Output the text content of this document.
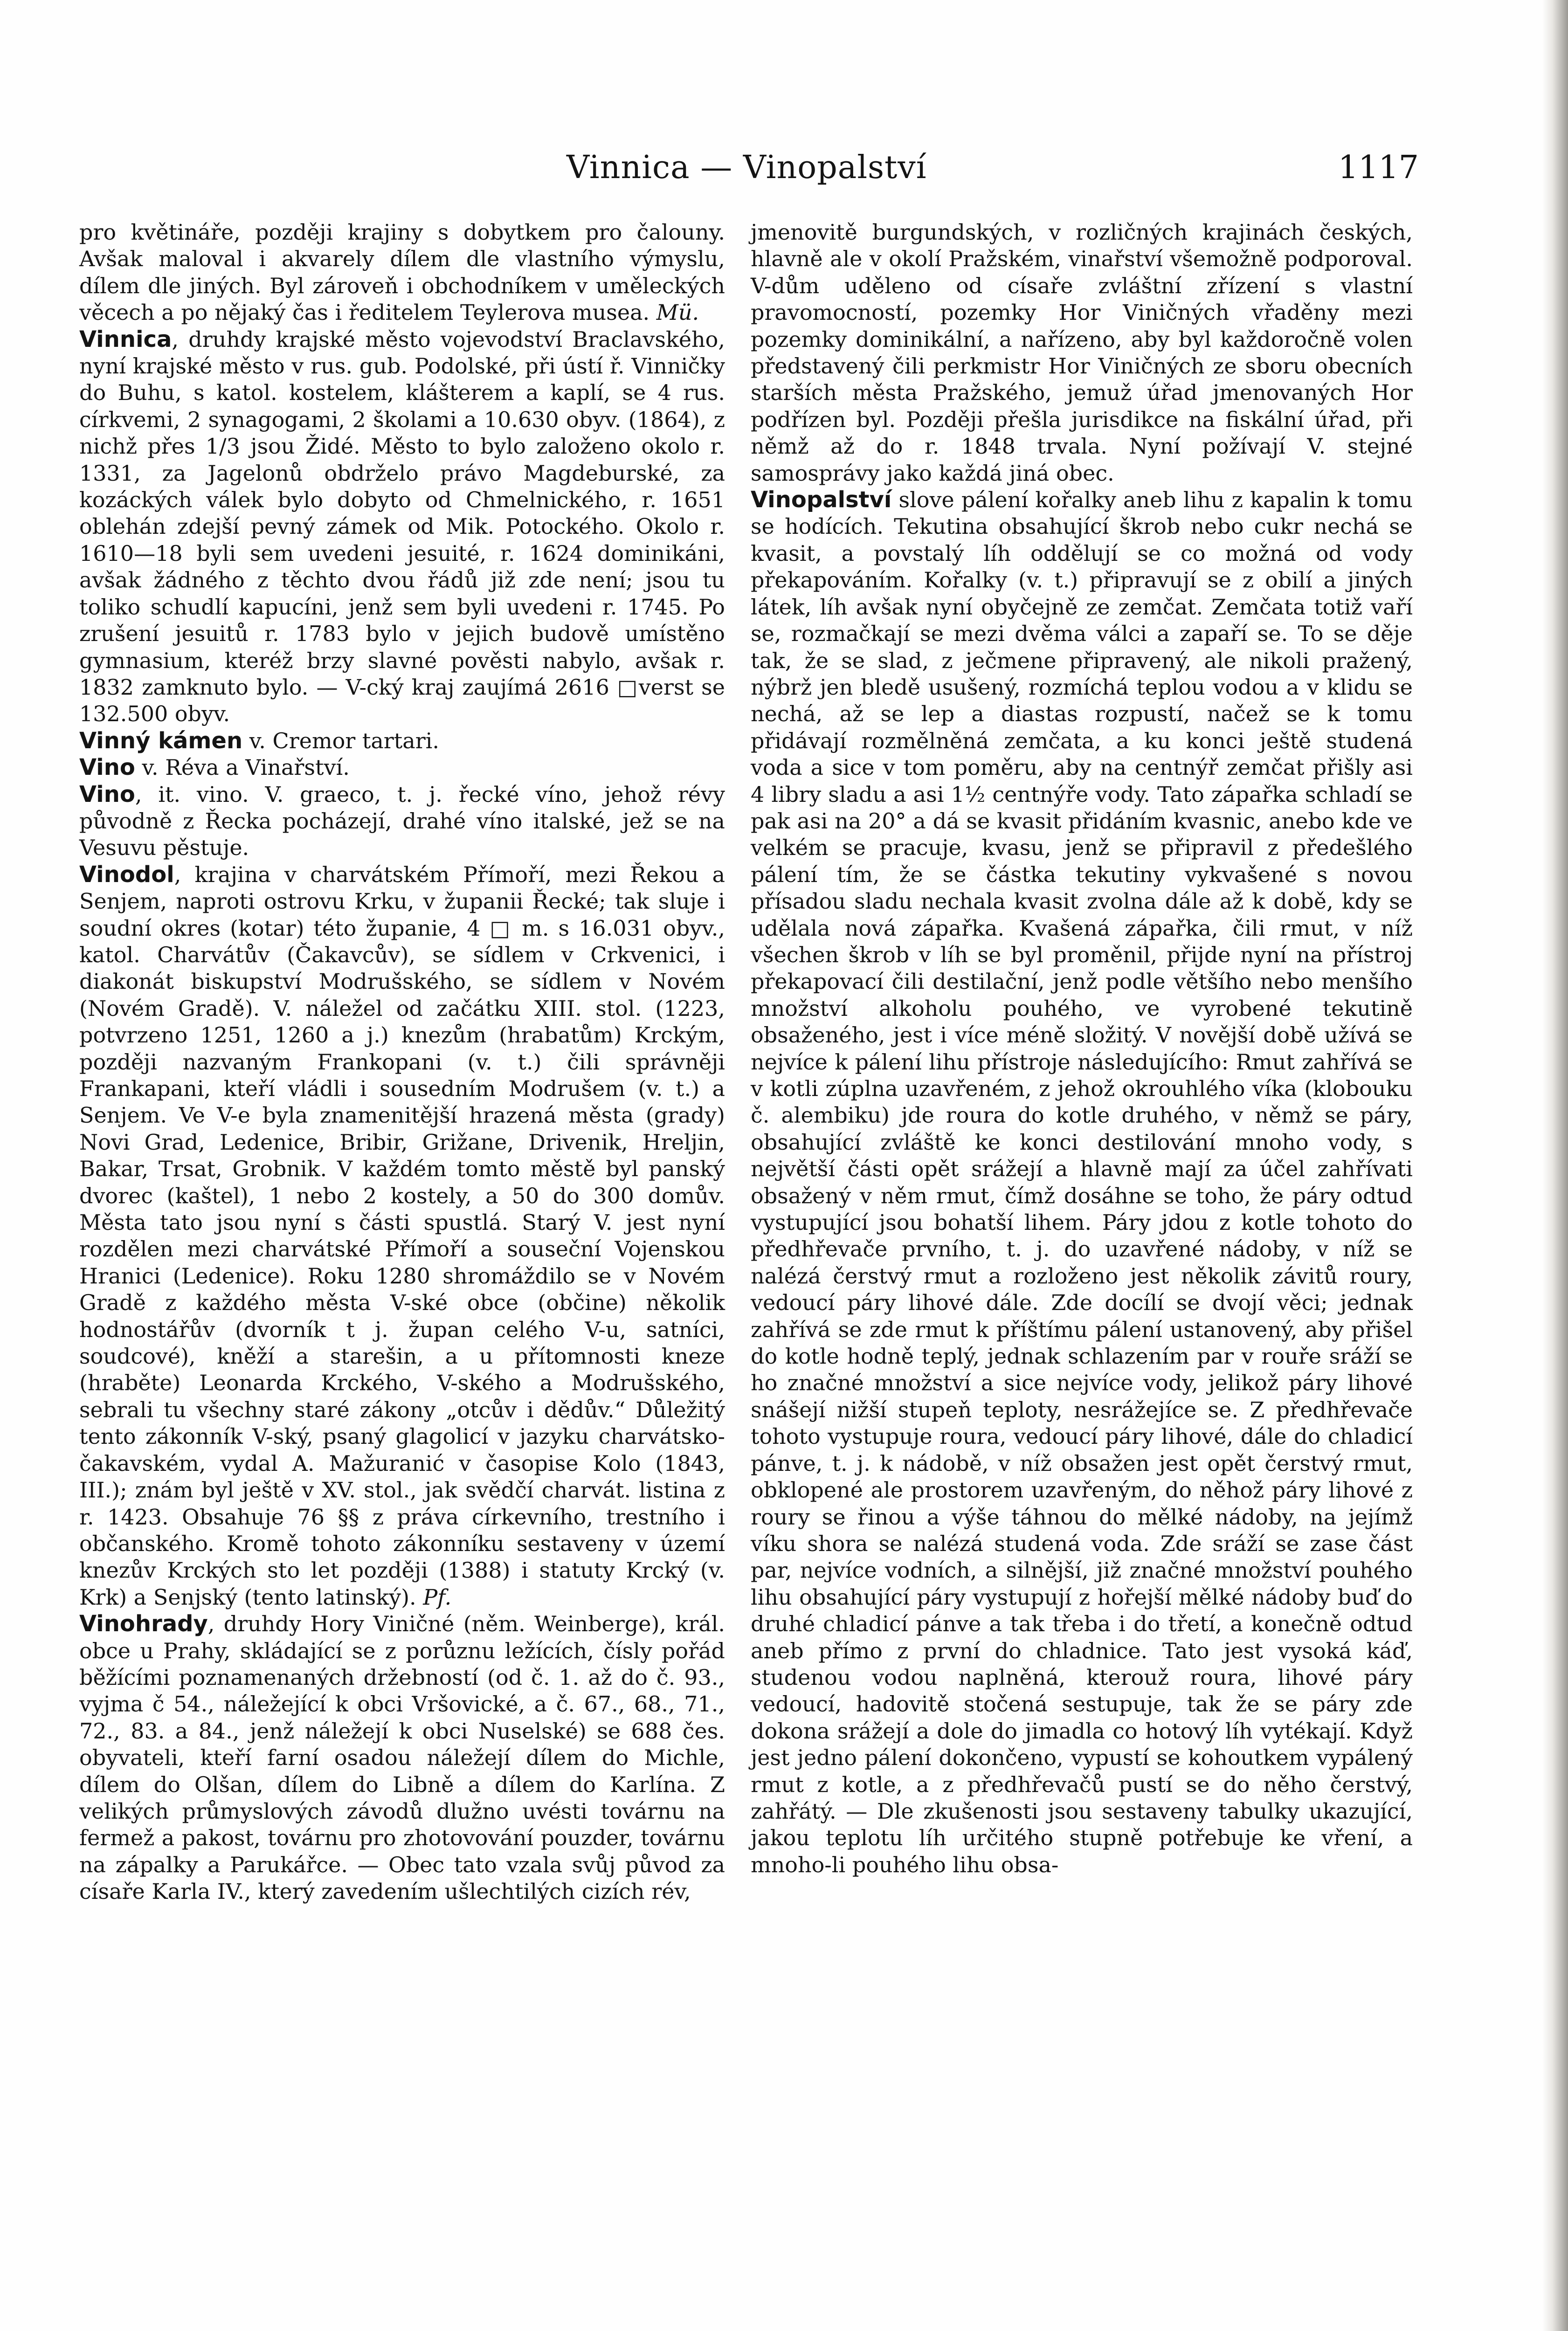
Vinnica — Vinopalství	1117

pro květináře, později krajiny s dobytkem pro čalouny. Avšak maloval i akvarely dílem dle vlastního výmyslu, dílem dle jiných. Byl zároveň i obchodníkem v uměleckých věcech a po nějaký čas i ředitelem Teylerova musea. Mü.

Vinnica, druhdy krajské město vojevodství Braclavského, nyní krajské město v rus. gub. Podolské, při ústí ř. Vinničky do Buhu, s katol. kostelem, klášterem a kaplí, se 4 rus. církvemi, 2 synagogami, 2 školami a 10.630 obyv. (1864), z nichž přes 1/3 jsou Židé. Město to bylo založeno okolo r. 1331, za Jagelonů obdrželo právo Magdeburské, za kozáckých válek bylo dobyto od Chmelnického, r. 1651 oblehán zdejší pevný zámek od Mik. Potockého. Okolo r. 1610—18 byli sem uvedeni jesuité, r. 1624 dominikáni, avšak žádného z těchto dvou řádů již zde není; jsou tu toliko schudlí kapucíni, jenž sem byli uvedeni r. 1745. Po zrušení jesuitů r. 1783 bylo v jejich budově umístěno gymnasium, kteréž brzy slavné pověsti nabylo, avšak r. 1832 zamknuto bylo. — V-cký kraj zaujímá 2616 □verst se 132.500 obyv.

Vinný kámen v. Cremor tartari.

Vino v. Réva a Vinařství.

Vino, it. vino. V. graeco, t. j. řecké víno, jehož révy původně z Řecka pocházejí, drahé víno italské, jež se na Vesuvu pěstuje.

Vinodol, krajina v charvátském Přímoří, mezi Řekou a Senjem, naproti ostrovu Krku, v županii Řecké; tak sluje i soudní okres (kotar) této županie, 4 □ m. s 16.031 obyv., katol. Charvátův (Čakavcův), se sídlem v Crkvenici, i diakonát biskupství Modrušského, se sídlem v Novém (Novém Gradě). V. náležel od začátku XIII. stol. (1223, potvrzeno 1251, 1260 a j.) knezům (hrabatům) Krckým, později nazvaným Frankopani (v. t.) čili správněji Frankapani, kteří vládli i sousedním Modrušem (v. t.) a Senjem. Ve V-e byla znamenitější hrazená města (grady) Novi Grad, Ledenice, Bribir, Grižane, Drivenik, Hreljin, Bakar, Trsat, Grobnik. V každém tomto městě byl panský dvorec (kaštel), 1 nebo 2 kostely, a 50 do 300 domův. Města tato jsou nyní s části spustlá. Starý V. jest nyní rozdělen mezi charvátské Přímoří a souseční Vojenskou Hranici (Ledenice). Roku 1280 shromáždilo se v Novém Gradě z každého města V-ské obce (občine) několik hodnostářův (dvorník t j. župan celého V-u, satníci, soudcové), kněží a starešin, a u přítomnosti kneze (hraběte) Leonarda Krckého, V-ského a Modrušského, sebrali tu všechny staré zákony „otcův i dědův.“ Důležitý tento zákonník V-ský, psaný glagolicí v jazyku charvátsko-čakavském, vydal A. Mažuranić v časopise Kolo (1843, III.); znám byl ještě v XV. stol., jak svědčí charvát. listina z r. 1423. Obsahuje 76 §§ z práva církevního, trestního i občanského. Kromě tohoto zákonníku sestaveny v území knezův Krckých sto let později (1388) i statuty Krcký (v. Krk) a Senjský (tento latinský). Pf.

Vinohrady, druhdy Hory Viničné (něm. Weinberge), král. obce u Prahy, skládající se z porůznu ležících, čísly pořád běžícími poznamenaných držebností (od č. 1. až do č. 93., vyjma č 54., náležející k obci Vršovické, a č. 67., 68., 71., 72., 83. a 84., jenž náležejí k obci Nuselské) se 688 čes. obyvateli, kteří farní osadou náležejí dílem do Michle, dílem do Olšan, dílem do Libně a dílem do Karlína. Z velikých průmyslových závodů dlužno uvésti továrnu na fermež a pakost, továrnu pro zhotovování pouzder, továrnu na zápalky a Parukářce. — Obec tato vzala svůj původ za císaře Karla IV., který zavedením ušlechtilých cizích rév,

jmenovitě burgundských, v rozličných krajinách českých, hlavně ale v okolí Pražském, vinařství všemožně podporoval. V-dům uděleno od císaře zvláštní zřízení s vlastní pravomocností, pozemky Hor Viničných vřaděny mezi pozemky dominikální, a nařízeno, aby byl každoročně volen představený čili perkmistr Hor Viničných ze sboru obecních starších města Pražského, jemuž úřad jmenovaných Hor podřízen byl. Později přešla jurisdikce na fiskální úřad, při němž až do r. 1848 trvala. Nyní požívají V. stejné samosprávy jako každá jiná obec.

Vinopalství slove pálení kořalky aneb lihu z kapalin k tomu se hodících. Tekutina obsahující škrob nebo cukr nechá se kvasit, a povstalý líh oddělují se co možná od vody překapováním. Kořalky (v. t.) připravují se z obilí a jiných látek, líh avšak nyní obyčejně ze zemčat. Zemčata totiž vaří se, rozmačkají se mezi dvěma válci a zapaří se. To se děje tak, že se slad, z ječmene připravený, ale nikoli pražený, nýbrž jen bledě usušený, rozmíchá teplou vodou a v klidu se nechá, až se lep a diastas rozpustí, načež se k tomu přidávají rozmělněná zemčata, a ku konci ještě studená voda a sice v tom poměru, aby na centnýř zemčat přišly asi 4 libry sladu a asi 1½ centnýře vody. Tato zápařka schladí se pak asi na 20° a dá se kvasit přidáním kvasnic, anebo kde ve velkém se pracuje, kvasu, jenž se připravil z předešlého pálení tím, že se částka tekutiny vykvašené s novou přísadou sladu nechala kvasit zvolna dále až k době, kdy se udělala nová zápařka. Kvašená zápařka, čili rmut, v níž všechen škrob v líh se byl proměnil, přijde nyní na přístroj překapovací čili destilační, jenž podle většího nebo menšího množství alkoholu pouhého, ve vyrobené tekutině obsaženého, jest i více méně složitý. V novější době užívá se nejvíce k pálení lihu přístroje následujícího: Rmut zahřívá se v kotli zúplna uzavřeném, z jehož okrouhlého víka (klobouku č. alembiku) jde roura do kotle druhého, v němž se páry, obsahující zvláště ke konci destilování mnoho vody, s největší části opět srážejí a hlavně mají za účel zahřívati obsažený v něm rmut, čímž dosáhne se toho, že páry odtud vystupující jsou bohatší lihem. Páry jdou z kotle tohoto do předhřevače prvního, t. j. do uzavřené nádoby, v níž se nalézá čerstvý rmut a rozloženo jest několik závitů roury, vedoucí páry lihové dále. Zde docílí se dvojí věci; jednak zahřívá se zde rmut k příštímu pálení ustanovený, aby přišel do kotle hodně teplý, jednak schlazením par v rouře sráží se ho značné množství a sice nejvíce vody, jelikož páry lihové snášejí nižší stupeň teploty, nesrážejíce se. Z předhřevače tohoto vystupuje roura, vedoucí páry lihové, dále do chladicí pánve, t. j. k nádobě, v níž obsažen jest opět čerstvý rmut, obklopené ale prostorem uzavřeným, do něhož páry lihové z roury se řinou a výše táhnou do mělké nádoby, na jejímž víku shora se nalézá studená voda. Zde sráží se zase část par, nejvíce vodních, a silnější, již značné množství pouhého lihu obsahující páry vystupují z hořejší mělké nádoby buď do druhé chladicí pánve a tak třeba i do třetí, a konečně odtud aneb přímo z první do chladnice. Tato jest vysoká káď, studenou vodou naplněná, kterouž roura, lihové páry vedoucí, hadovitě stočená sestupuje, tak že se páry zde dokona srážejí a dole do jimadla co hotový líh vytékají. Když jest jedno pálení dokončeno, vypustí se kohoutkem vypálený rmut z kotle, a z předhřevačů pustí se do něho čerstvý, zahřátý. — Dle zkušenosti jsou sestaveny tabulky ukazující, jakou teplotu líh určitého stupně potřebuje ke vření, a mnoho-li pouhého lihu obsa-
